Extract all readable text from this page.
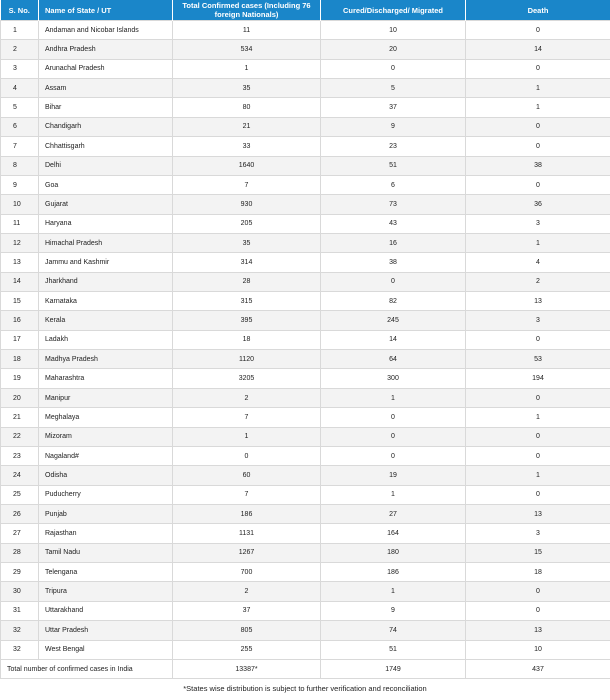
S. No.	Name of State / UT	Total Confirmed cases (Including 76 foreign Nationals)	Cured/Discharged/ Migrated	Death
1	Andaman and Nicobar Islands	11	10	0
2	Andhra Pradesh	534	20	14
3	Arunachal Pradesh	1	0	0
4	Assam	35	5	1
5	Bihar	80	37	1
6	Chandigarh	21	9	0
7	Chhattisgarh	33	23	0
8	Delhi	1640	51	38
9	Goa	7	6	0
10	Gujarat	930	73	36
11	Haryana	205	43	3
12	Himachal Pradesh	35	16	1
13	Jammu and Kashmir	314	38	4
14	Jharkhand	28	0	2
15	Karnataka	315	82	13
16	Kerala	395	245	3
17	Ladakh	18	14	0
18	Madhya Pradesh	1120	64	53
19	Maharashtra	3205	300	194
20	Manipur	2	1	0
21	Meghalaya	7	0	1
22	Mizoram	1	0	0
23	Nagaland#	0	0	0
24	Odisha	60	19	1
25	Puducherry	7	1	0
26	Punjab	186	27	13
27	Rajasthan	1131	164	3
28	Tamil Nadu	1267	180	15
29	Telengana	700	186	18
30	Tripura	2	1	0
31	Uttarakhand	37	9	0
32	Uttar Pradesh	805	74	13
32	West Bengal	255	51	10
Total number of confirmed cases in India		13387*	1749	437
*States wise distribution is subject to further verification and reconciliation
